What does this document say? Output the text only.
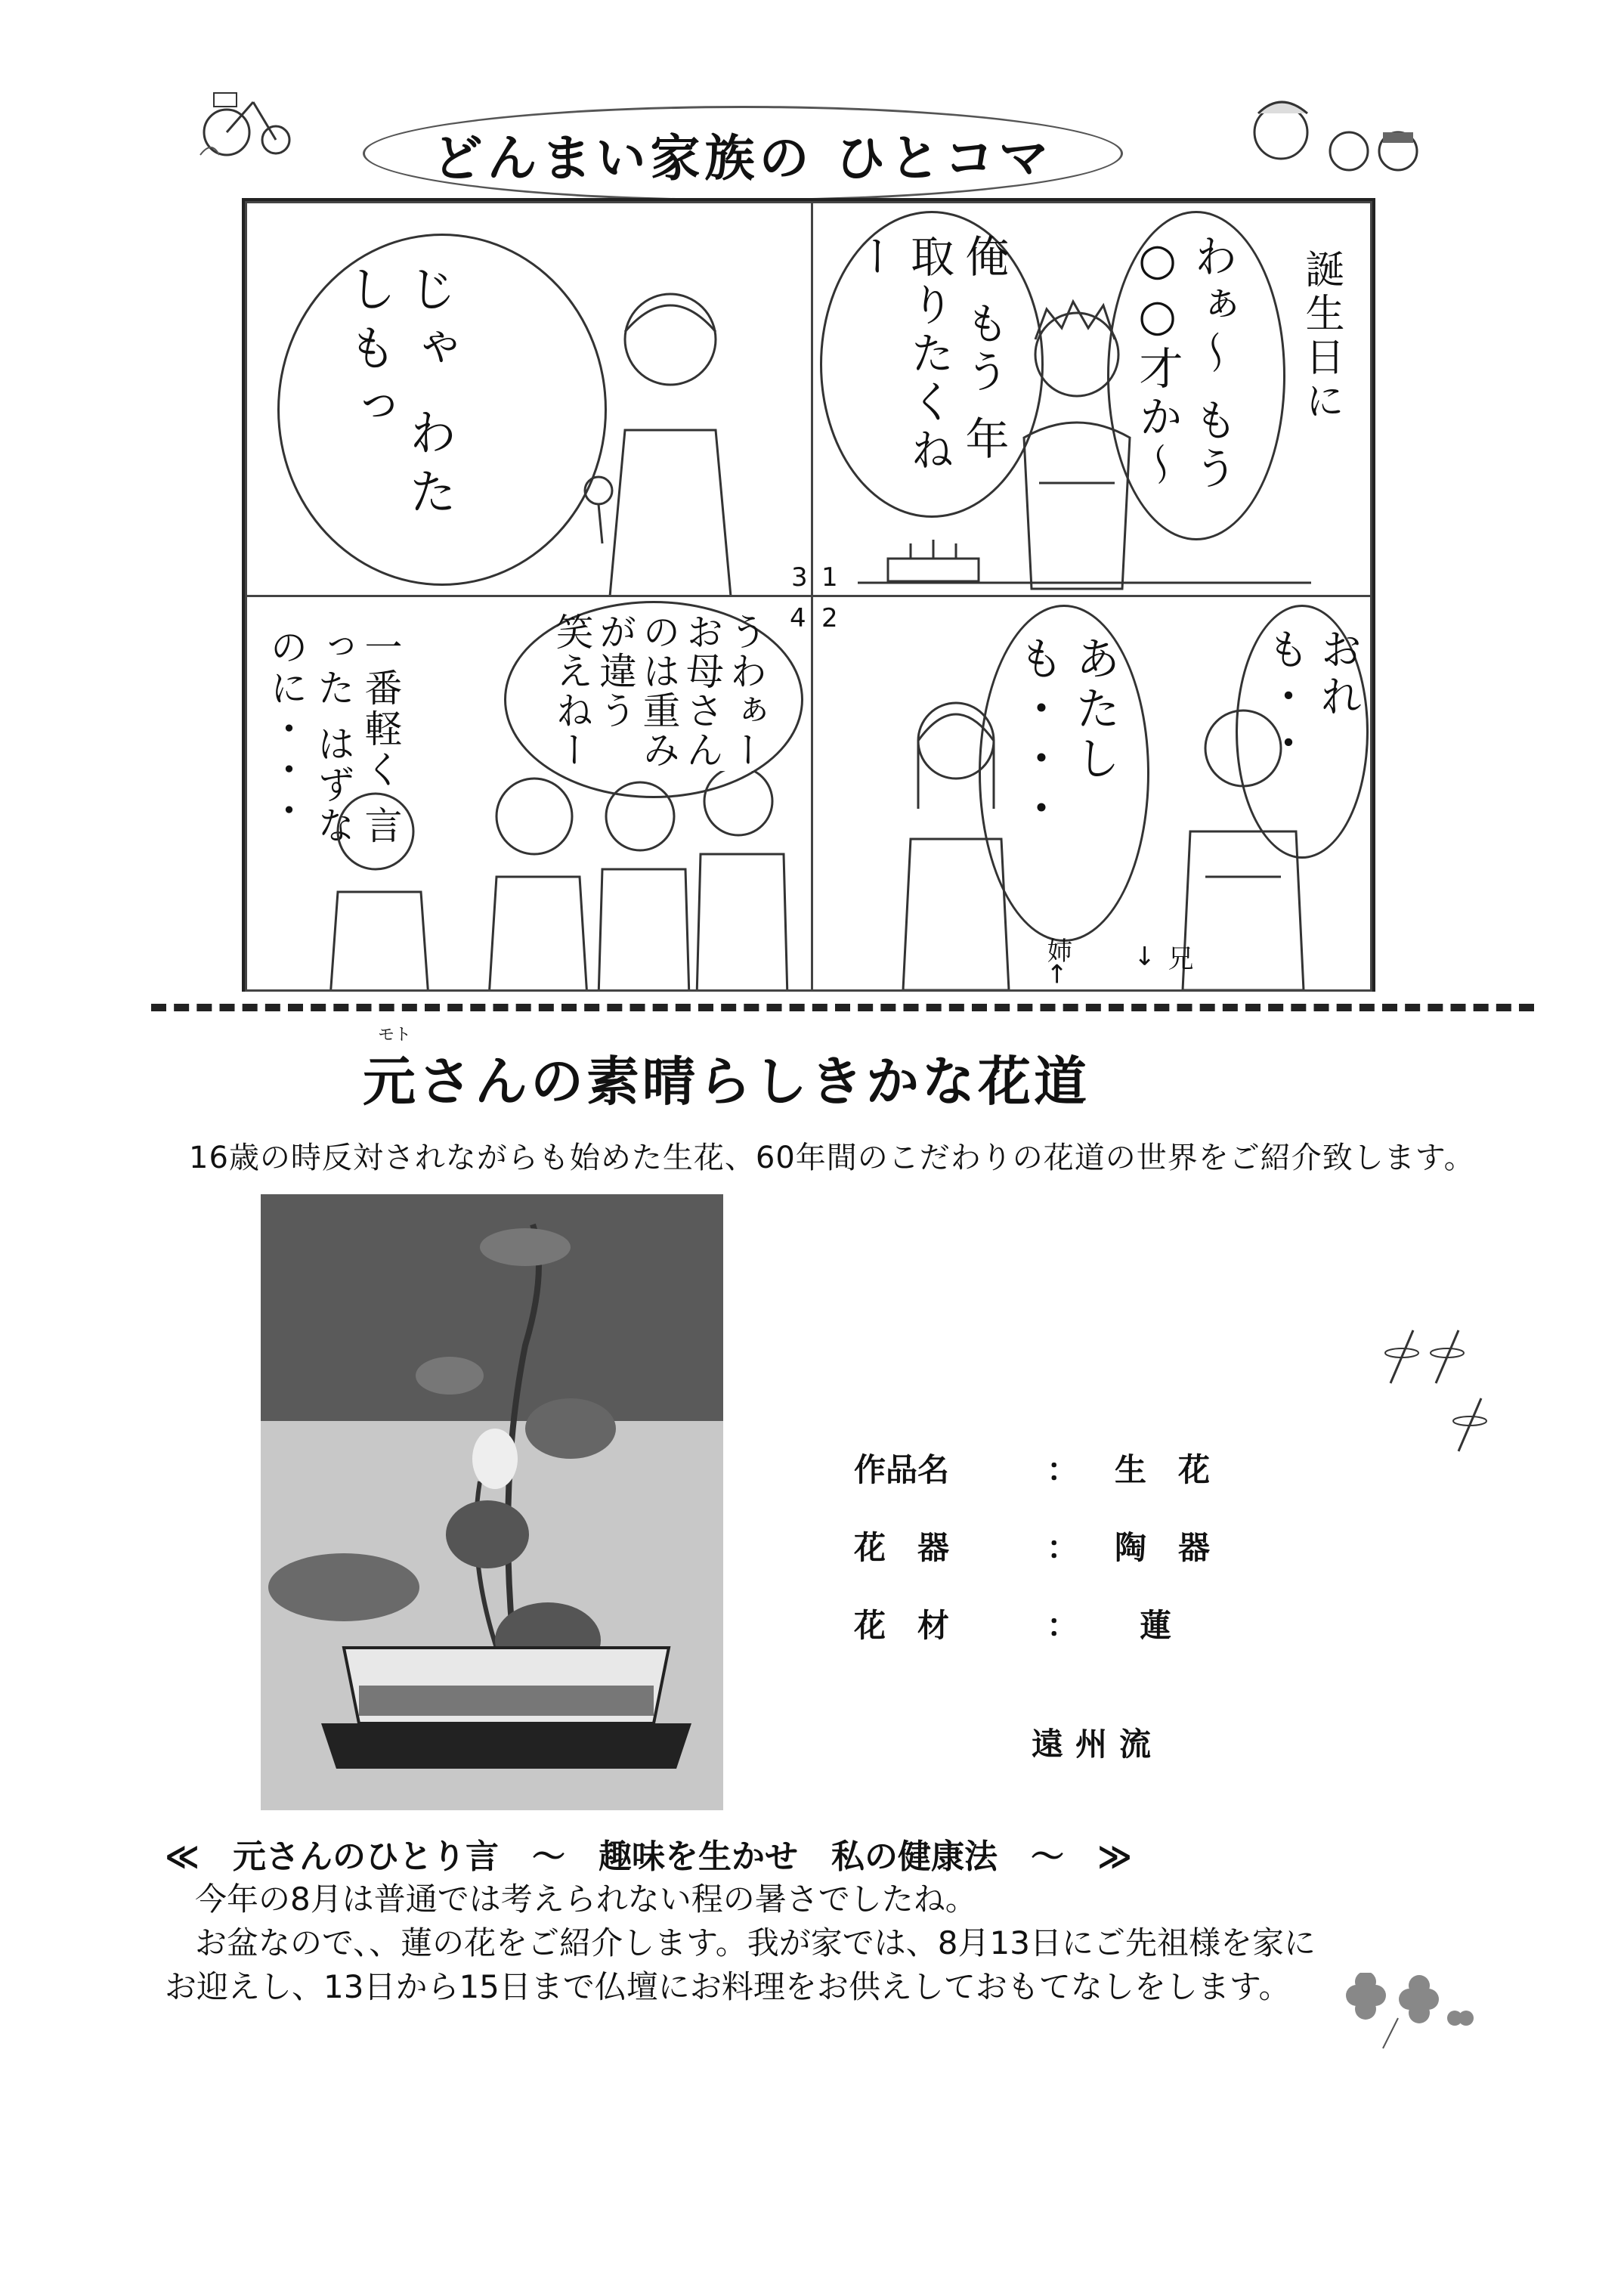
どんまい家族の ひとコマ
1
俺 もう 年取りたくねー	わぁ〜 もう○○才か〜	誕生日に
3
じゃ わたしもっ
2
あたしも・・・	おれも・・
姉←	兄→
4
うわぁー お母さんのは重みが違う 笑えねー
一番軽く 言った はずなのに・・・
モト
元さんの素晴らしきかな花道
16歳の時反対されながらも始めた生花、60年間のこだわりの花道の世界をご紹介致します。
作品名	： 生　花
花　器	： 陶　器
花　材	： 蓮
遠州流
≪　元さんのひとり言　〜　趣味を生かせ　私の健康法　〜　≫
今年の8月は普通では考えられない程の暑さでしたね。
お盆なので、、蓮の花をご紹介します。我が家では、8月13日にご先祖様を家に
お迎えし、13日から15日まで仏壇にお料理をお供えしておもてなしをします。
